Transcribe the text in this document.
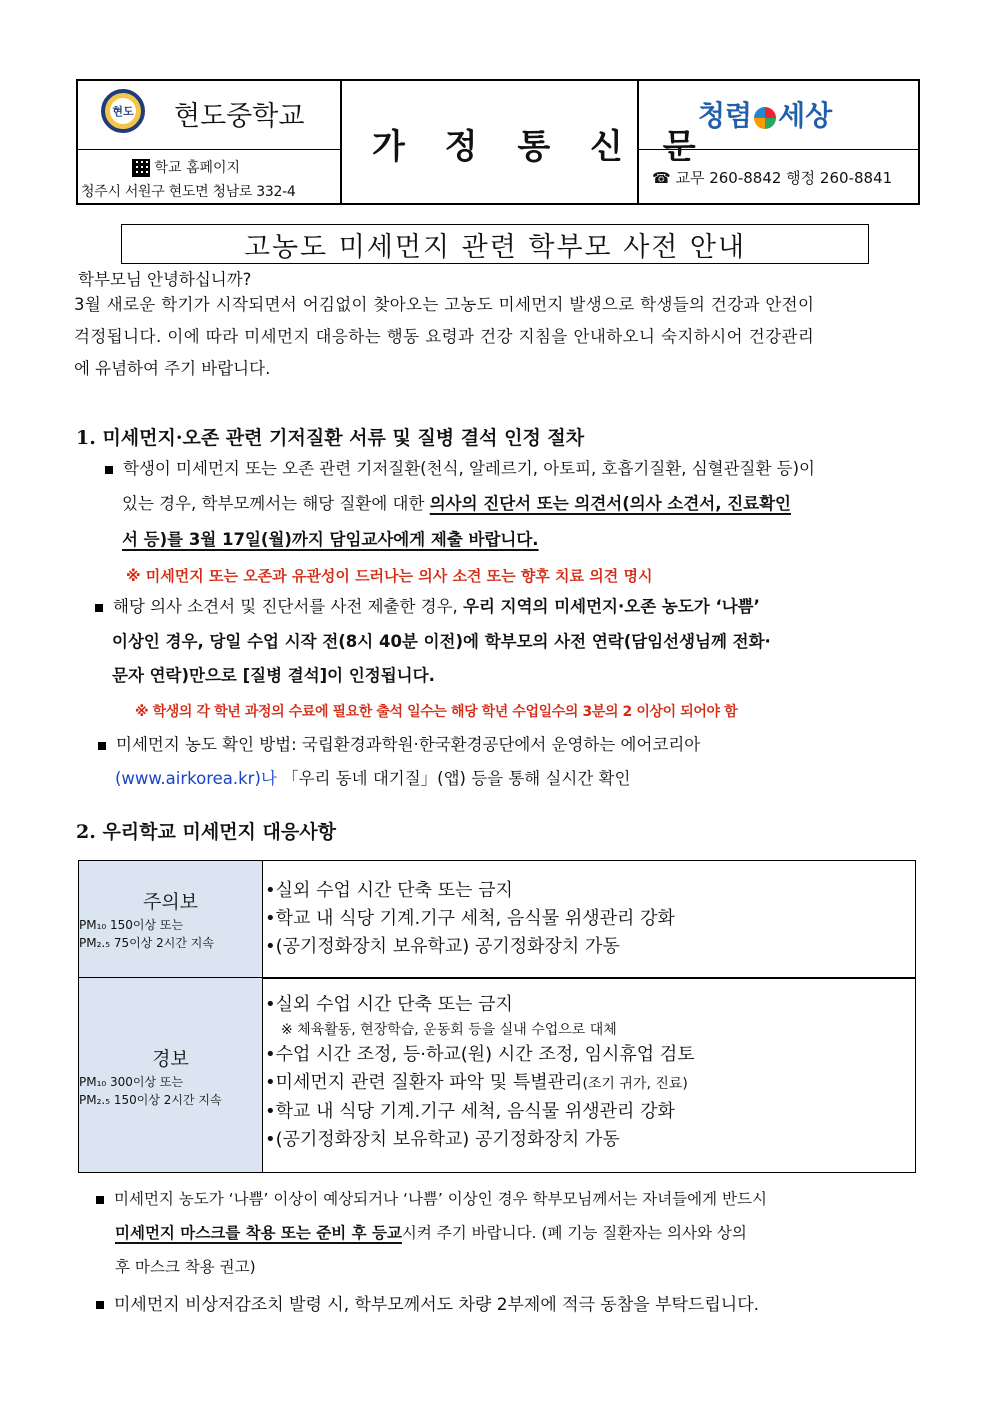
현도 현도중학교
학교 홈페이지
청주시 서원구 현도면 청남로 332-4
가 정 통 신 문
청렴 세상
☎ 교무 260-8842 행정 260-8841
고농도 미세먼지 관련 학부모 사전 안내
학부모님 안녕하십니까?
3월 새로운 학기가 시작되면서 어김없이 찾아오는 고농도 미세먼지 발생으로 학생들의 건강과 안전이
걱정됩니다. 이에 따라 미세먼지 대응하는 행동 요령과 건강 지침을 안내하오니 숙지하시어 건강관리
에 유념하여 주기 바랍니다.
1. 미세먼지·오존 관련 기저질환 서류 및 질병 결석 인정 절차
학생이 미세먼지 또는 오존 관련 기저질환(천식, 알레르기, 아토피, 호흡기질환, 심혈관질환 등)이
있는 경우, 학부모께서는 해당 질환에 대한 의사의 진단서 또는 의견서(의사 소견서, 진료확인
서 등)를 3월 17일(월)까지 담임교사에게 제출 바랍니다.
※ 미세먼지 또는 오존과 유관성이 드러나는 의사 소견 또는 향후 치료 의견 명시
해당 의사 소견서 및 진단서를 사전 제출한 경우, 우리 지역의 미세먼지·오존 농도가 ‘나쁨’
이상인 경우, 당일 수업 시작 전(8시 40분 이전)에 학부모의 사전 연락(담임선생님께 전화·
문자 연락)만으로 [질병 결석]이 인정됩니다.
※ 학생의 각 학년 과정의 수료에 필요한 출석 일수는 해당 학년 수업일수의 3분의 2 이상이 되어야 함
미세먼지 농도 확인 방법: 국립환경과학원·한국환경공단에서 운영하는 에어코리아
(www.airkorea.kr)나 「우리 동네 대기질」(앱) 등을 통해 실시간 확인
2. 우리학교 미세먼지 대응사항
주의보
PM₁₀ 150이상 또는
PM₂.₅ 75이상 2시간 지속
•실외 수업 시간 단축 또는 금지
•학교 내 식당 기계.기구 세척, 음식물 위생관리 강화
•(공기정화장치 보유학교) 공기정화장치 가동
경보
PM₁₀ 300이상 또는
PM₂.₅ 150이상 2시간 지속
•실외 수업 시간 단축 또는 금지
※ 체육활동, 현장학습, 운동회 등을 실내 수업으로 대체
•수업 시간 조정, 등·하교(원) 시간 조정, 임시휴업 검토
•미세먼지 관련 질환자 파악 및 특별관리(조기 귀가, 진료)
•학교 내 식당 기계.기구 세척, 음식물 위생관리 강화
•(공기정화장치 보유학교) 공기정화장치 가동
미세먼지 농도가 ‘나쁨’ 이상이 예상되거나 ‘나쁨’ 이상인 경우 학부모님께서는 자녀들에게 반드시
미세먼지 마스크를 착용 또는 준비 후 등교시켜 주기 바랍니다. (폐 기능 질환자는 의사와 상의
후 마스크 착용 권고)
미세먼지 비상저감조치 발령 시, 학부모께서도 차량 2부제에 적극 동참을 부탁드립니다.
